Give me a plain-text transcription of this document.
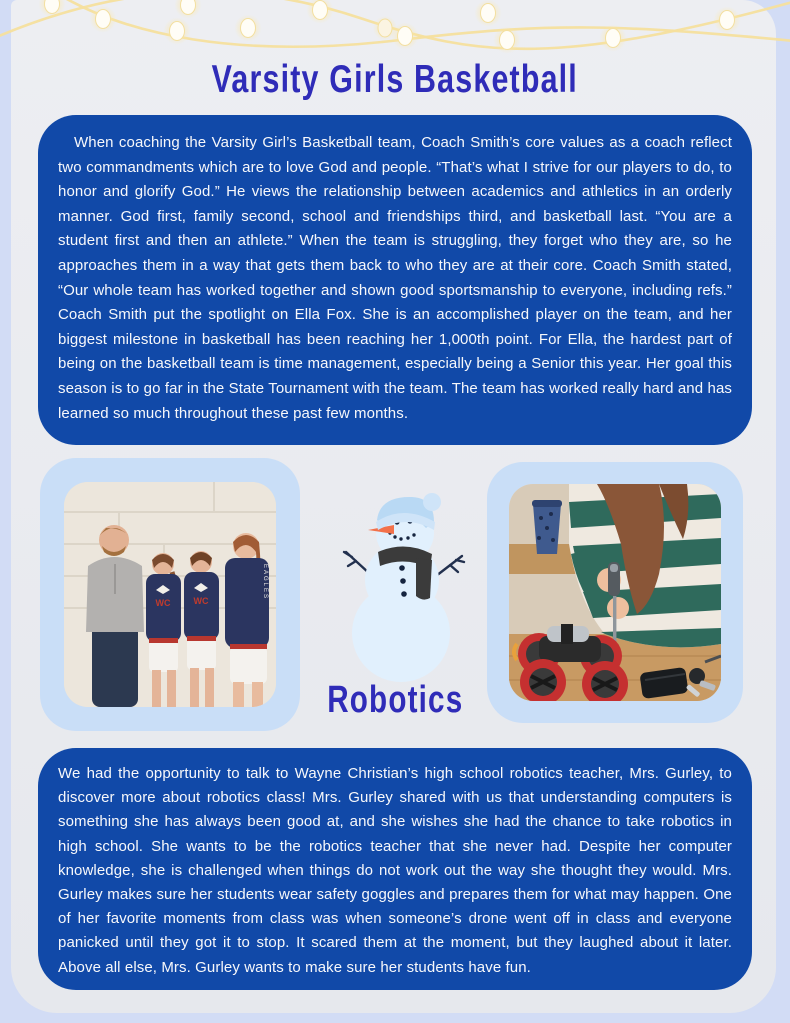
Varsity Girls Basketball

When coaching the Varsity Girl’s Basketball team, Coach Smith’s core values as a coach reflect two commandments which are to love God and people. “That’s what I strive for our players to do, to honor and glorify God.” He views the relationship between academics and athletics in an orderly manner. God first, family second, school and friendships third, and basketball last. “You are a student first and then an athlete.” When the team is struggling, they forget who they are, so he approaches them in a way that gets them back to who they are at their core. Coach Smith stated, “Our whole team has worked together and shown good sportsmanship to everyone, including refs.” Coach Smith put the spotlight on Ella Fox. She is an accomplished player on the team, and her biggest milestone in basketball has been reaching her 1,000th point. For Ella, the hardest part of being on the basketball team is time management, especially being a Senior this year. Her goal this season is to go far in the State Tournament with the team. The team has worked really hard and has learned so much throughout these past few months.

WC	WC
EAGLES
Robotics

We had the opportunity to talk to Wayne Christian’s high school robotics teacher, Mrs. Gurley, to discover more about robotics class! Mrs. Gurley shared with us that understanding computers is something she has always been good at, and she wishes she had the chance to take robotics in high school. She wants to be the robotics teacher that she never had. Despite her computer knowledge, she is challenged when things do not work out the way she thought they would. Mrs. Gurley makes sure her students wear safety goggles and prepares them for what may happen. One of her favorite moments from class was when someone’s drone went off in class and everyone panicked until they got it to stop. It scared them at the moment, but they laughed about it later. Above all else, Mrs. Gurley wants to make sure her students have fun.
